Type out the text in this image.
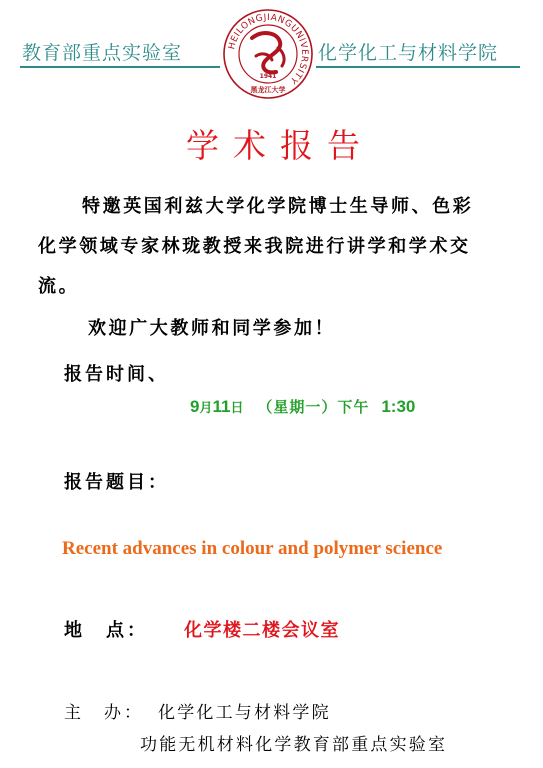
教育部重点实验室	化学化工与材料学院
HEILONGJIANGUNIVERSITY
1941
黑龙江大学
学术报告
特邀英国利兹大学化学院博士生导师、色彩
化学领域专家林珑教授来我院进行讲学和学术交
流。
欢迎广大教师和同学参加！
报告时间、
9月11日 （星期一）下午 1:30
报告题目：
Recent advances in colour and polymer science
地　点： 化学楼二楼会议室
主　办： 化学化工与材料学院
功能无机材料化学教育部重点实验室
